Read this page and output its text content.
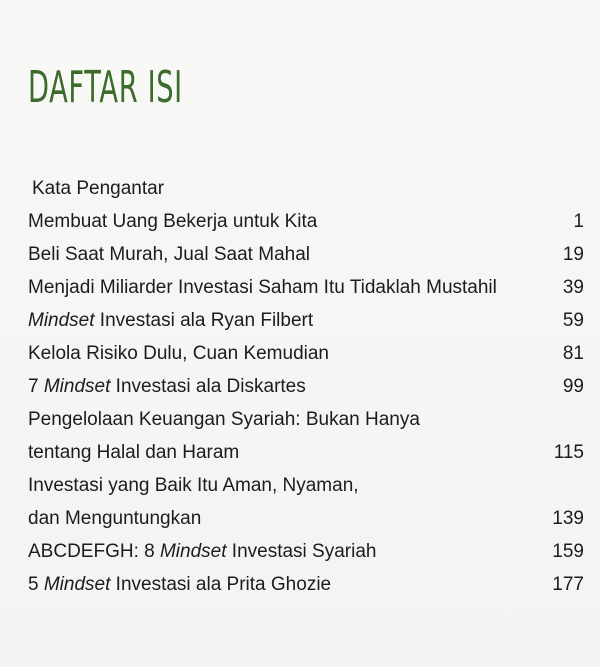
DAFTAR ISI
Kata Pengantar
Membuat Uang Bekerja untuk Kita	1
Beli Saat Murah, Jual Saat Mahal	19
Menjadi Miliarder Investasi Saham Itu Tidaklah Mustahil	39
Mindset Investasi ala Ryan Filbert	59
Kelola Risiko Dulu, Cuan Kemudian	81
7 Mindset Investasi ala Diskartes	99
Pengelolaan Keuangan Syariah: Bukan Hanya
tentang Halal dan Haram	115
Investasi yang Baik Itu Aman, Nyaman,
dan Menguntungkan	139
ABCDEFGH: 8 Mindset Investasi Syariah	159
5 Mindset Investasi ala Prita Ghozie	177
